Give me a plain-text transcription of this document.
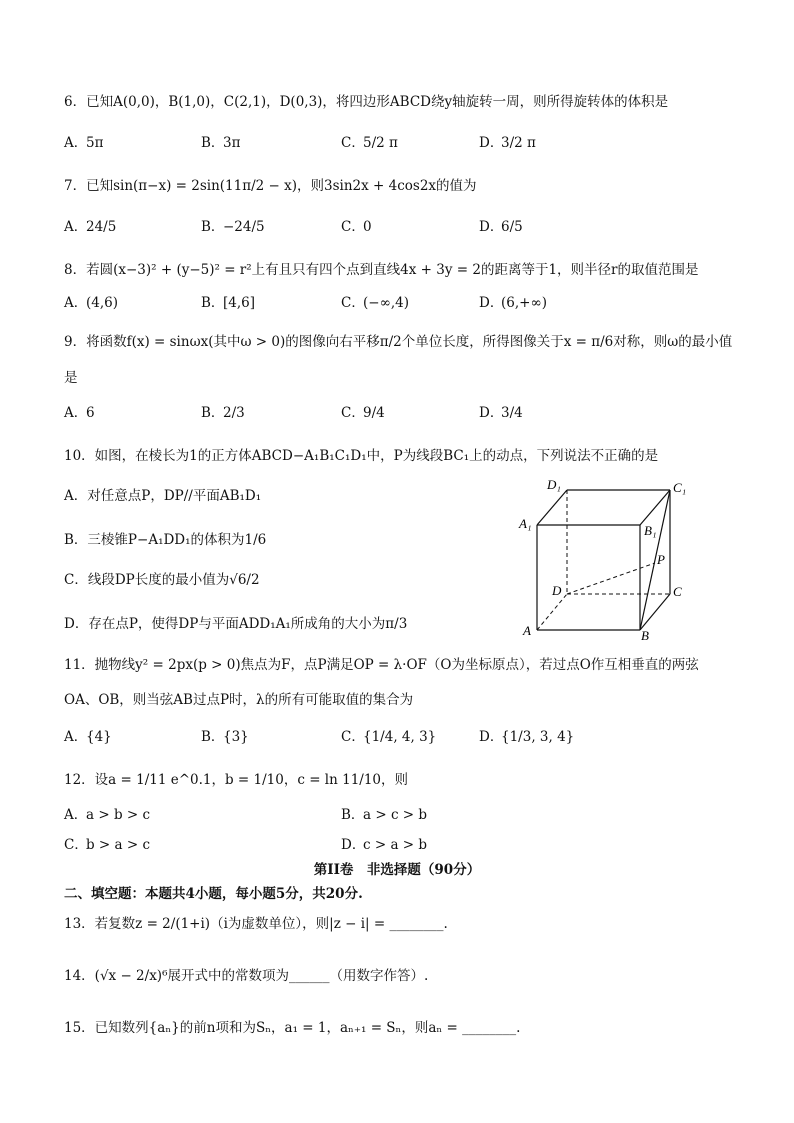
6．已知A(0,0)，B(1,0)，C(2,1)，D(0,3)，将四边形ABCD绕y轴旋转一周，则所得旋转体的体积是
A．5π	B．3π	C．5/2 π	D．3/2 π
7．已知sin(π−x) = 2sin(11π/2 − x)，则3sin2x + 4cos2x的值为
A．24/5	B．−24/5	C．0	D．6/5
8．若圆(x−3)² + (y−5)² = r²上有且只有四个点到直线4x + 3y = 2的距离等于1，则半径r的取值范围是
A．(4,6)	B．[4,6]	C．(−∞,4)	D．(6,+∞)
9．将函数f(x) = sinωx(其中ω > 0)的图像向右平移π/2个单位长度，所得图像关于x = π/6对称，则ω的最小值
是
A．6	B．2/3	C．9/4	D．3/4
10．如图，在棱长为1的正方体ABCD−A₁B₁C₁D₁中，P为线段BC₁上的动点，下列说法不正确的是
A．对任意点P，DP//平面AB₁D₁
B．三棱锥P−A₁DD₁的体积为1/6
C．线段DP长度的最小值为√6/2
D．存在点P，使得DP与平面ADD₁A₁所成角的大小为π/3
D₁	C₁
A₁	B₁
P
D	C
A	B
11．抛物线y² = 2px(p > 0)焦点为F，点P满足OP = λ·OF（O为坐标原点），若过点O作互相垂直的两弦
OA、OB，则当弦AB过点P时，λ的所有可能取值的集合为
A．{4}	B．{3}	C．{1/4, 4, 3}	D．{1/3, 3, 4}
12．设a = 1/11 e^0.1，b = 1/10，c = ln 11/10，则
A．a > b > c	B．a > c > b
C．b > a > c	D．c > a > b
第II卷　非选择题（90分）
二、填空题：本题共4小题，每小题5分，共20分.
13．若复数z = 2/(1+i)（i为虚数单位），则|z − i| = ________.
14．(√x − 2/x)⁶展开式中的常数项为______（用数字作答）.
15．已知数列{aₙ}的前n项和为Sₙ，a₁ = 1，aₙ₊₁ = Sₙ，则aₙ = ________.
